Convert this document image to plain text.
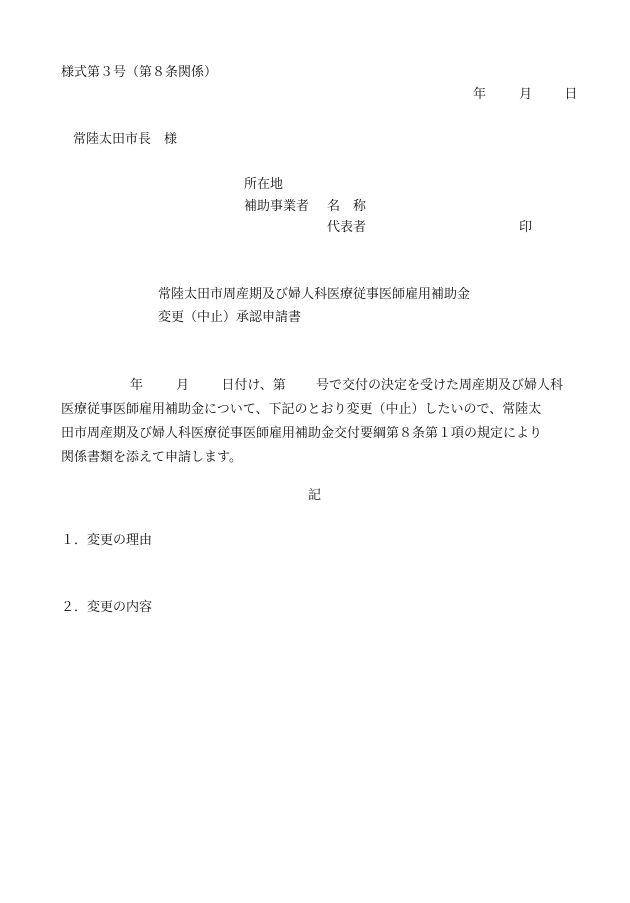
様式第３号（第８条関係）
年	月 日
常陸太田市長　様
所在地
補助事業者 名　称
代表者	印
常陸太田市周産期及び婦人科医療従事医師雇用補助金
変更（中止）承認申請書
年	月 日付け、第 号で交付の決定を受けた周産期及び婦人科
医療従事医師雇用補助金について、下記のとおり変更（中止）したいので、常陸太
田市周産期及び婦人科医療従事医師雇用補助金交付要綱第８条第１項の規定により
関係書類を添えて申請します。
記
１．変更の理由
２．変更の内容
